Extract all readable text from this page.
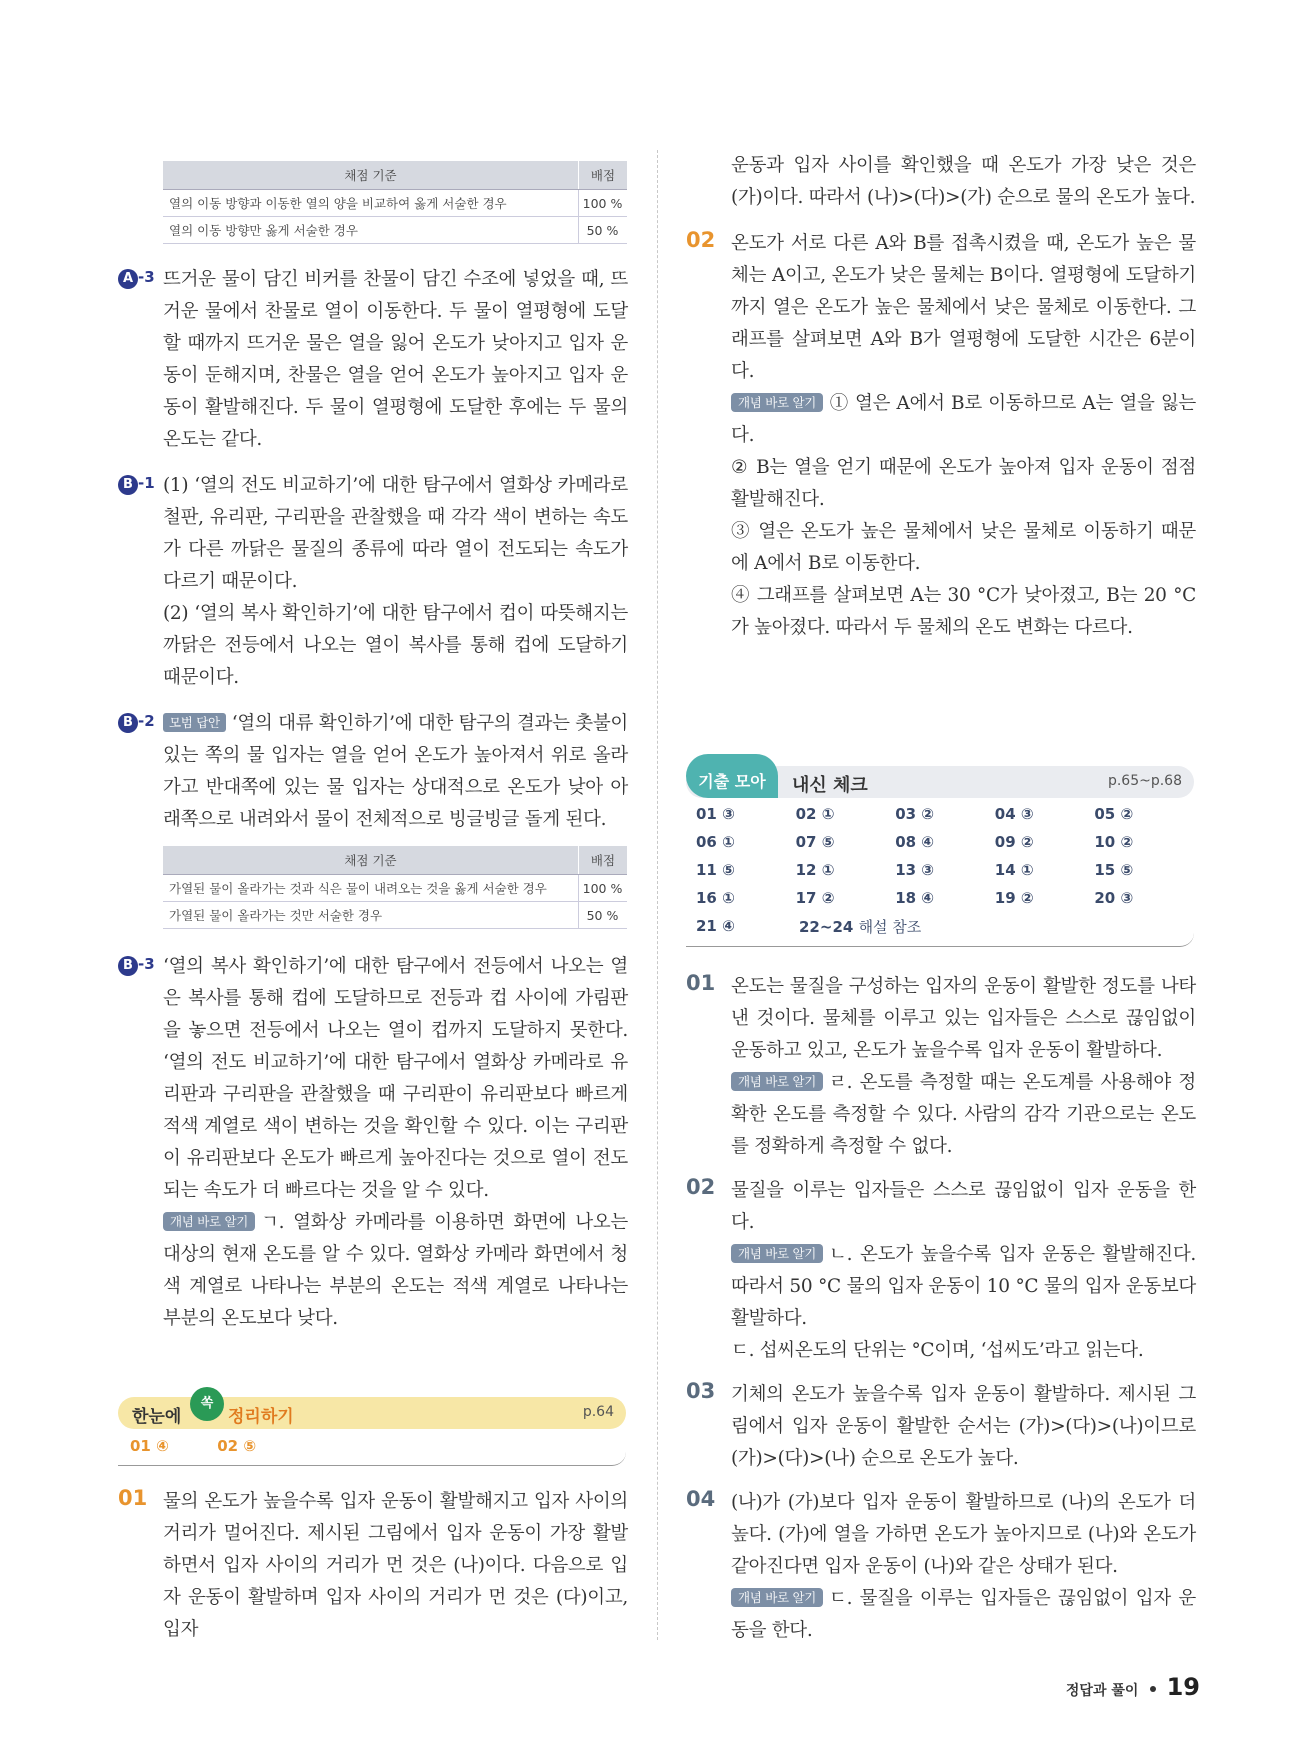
채점 기준	배점
열의 이동 방향과 이동한 열의 양을 비교하여 옳게 서술한 경우	100 %
열의 이동 방향만 옳게 서술한 경우	50 %
A -3 뜨거운 물이 담긴 비커를 찬물이 담긴 수조에 넣었을 때, 뜨거운 물에서 찬물로 열이 이동한다. 두 물이 열평형에 도달할 때까지 뜨거운 물은 열을 잃어 온도가 낮아지고 입자 운동이 둔해지며, 찬물은 열을 얻어 온도가 높아지고 입자 운동이 활발해진다. 두 물이 열평형에 도달한 후에는 두 물의 온도는 같다.

B -1 (1) ‘열의 전도 비교하기’에 대한 탐구에서 열화상 카메라로 철판, 유리판, 구리판을 관찰했을 때 각각 색이 변하는 속도가 다른 까닭은 물질의 종류에 따라 열이 전도되는 속도가 다르기 때문이다.

(2) ‘열의 복사 확인하기’에 대한 탐구에서 컵이 따뜻해지는 까닭은 전등에서 나오는 열이 복사를 통해 컵에 도달하기 때문이다.

B -2	모범 답안 ‘열의 대류 확인하기’에 대한 탐구의 결과는 촛불이 있는 쪽의 물 입자는 열을 얻어 온도가 높아져서 위로 올라가고 반대쪽에 있는 물 입자는 상대적으로 온도가 낮아 아래쪽으로 내려와서 물이 전체적으로 빙글빙글 돌게 된다.

채점 기준	배점
가열된 물이 올라가는 것과 식은 물이 내려오는 것을 옳게 서술한 경우	100 %
가열된 물이 올라가는 것만 서술한 경우	50 %
B -3 ‘열의 복사 확인하기’에 대한 탐구에서 전등에서 나오는 열은 복사를 통해 컵에 도달하므로 전등과 컵 사이에 가림판을 놓으면 전등에서 나오는 열이 컵까지 도달하지 못한다. ‘열의 전도 비교하기’에 대한 탐구에서 열화상 카메라로 유리판과 구리판을 관찰했을 때 구리판이 유리판보다 빠르게 적색 계열로 색이 변하는 것을 확인할 수 있다. 이는 구리판이 유리판보다 온도가 빠르게 높아진다는 것으로 열이 전도되는 속도가 더 빠르다는 것을 알 수 있다.

개념 바로 알기 ㄱ. 열화상 카메라를 이용하면 화면에 나오는 대상의 현재 온도를 알 수 있다. 열화상 카메라 화면에서 청색 계열로 나타나는 부분의 온도는 적색 계열로 나타나는 부분의 온도보다 낮다.

한눈에
쏙
정리하기	p.64
01 ④	02 ⑤
01 물의 온도가 높을수록 입자 운동이 활발해지고 입자 사이의 거리가 멀어진다. 제시된 그림에서 입자 운동이 가장 활발하면서 입자 사이의 거리가 먼 것은 (나)이다. 다음으로 입자 운동이 활발하며 입자 사이의 거리가 먼 것은 (다)이고, 입자

운동과 입자 사이를 확인했을 때 온도가 가장 낮은 것은 (가)이다. 따라서 (나)>(다)>(가) 순으로 물의 온도가 높다.

02 온도가 서로 다른 A와 B를 접촉시켰을 때, 온도가 높은 물체는 A이고, 온도가 낮은 물체는 B이다. 열평형에 도달하기까지 열은 온도가 높은 물체에서 낮은 물체로 이동한다. 그래프를 살펴보면 A와 B가 열평형에 도달한 시간은 6분이다.

개념 바로 알기 ① 열은 A에서 B로 이동하므로 A는 열을 잃는다.

② B는 열을 얻기 때문에 온도가 높아져 입자 운동이 점점 활발해진다.

③ 열은 온도가 높은 물체에서 낮은 물체로 이동하기 때문에 A에서 B로 이동한다.

④ 그래프를 살펴보면 A는 30 °C가 낮아졌고, B는 20 °C가 높아졌다. 따라서 두 물체의 온도 변화는 다르다.

기출 모아	내신 체크	p.65~p.68
01 ③	02 ①	03 ②	04 ③	05 ②
06 ①	07 ⑤	08 ④	09 ②	10 ②
11 ⑤	12 ①	13 ③	14 ①	15 ⑤
16 ①	17 ②	18 ④	19 ②	20 ③
21 ④	22~24 해설 참조
01 온도는 물질을 구성하는 입자의 운동이 활발한 정도를 나타낸 것이다. 물체를 이루고 있는 입자들은 스스로 끊임없이 운동하고 있고, 온도가 높을수록 입자 운동이 활발하다.

개념 바로 알기 ㄹ. 온도를 측정할 때는 온도계를 사용해야 정확한 온도를 측정할 수 있다. 사람의 감각 기관으로는 온도를 정확하게 측정할 수 없다.

02 물질을 이루는 입자들은 스스로 끊임없이 입자 운동을 한다.

개념 바로 알기 ㄴ. 온도가 높을수록 입자 운동은 활발해진다. 따라서 50 °C 물의 입자 운동이 10 °C 물의 입자 운동보다 활발하다.

ㄷ. 섭씨온도의 단위는 °C이며, ‘섭씨도’라고 읽는다.

03 기체의 온도가 높을수록 입자 운동이 활발하다. 제시된 그림에서 입자 운동이 활발한 순서는 (가)>(다)>(나)이므로 (가)>(다)>(나) 순으로 온도가 높다.

04 (나)가 (가)보다 입자 운동이 활발하므로 (나)의 온도가 더 높다. (가)에 열을 가하면 온도가 높아지므로 (나)와 온도가 같아진다면 입자 운동이 (나)와 같은 상태가 된다.

개념 바로 알기 ㄷ. 물질을 이루는 입자들은 끊임없이 입자 운동을 한다.

정답과 풀이 19
